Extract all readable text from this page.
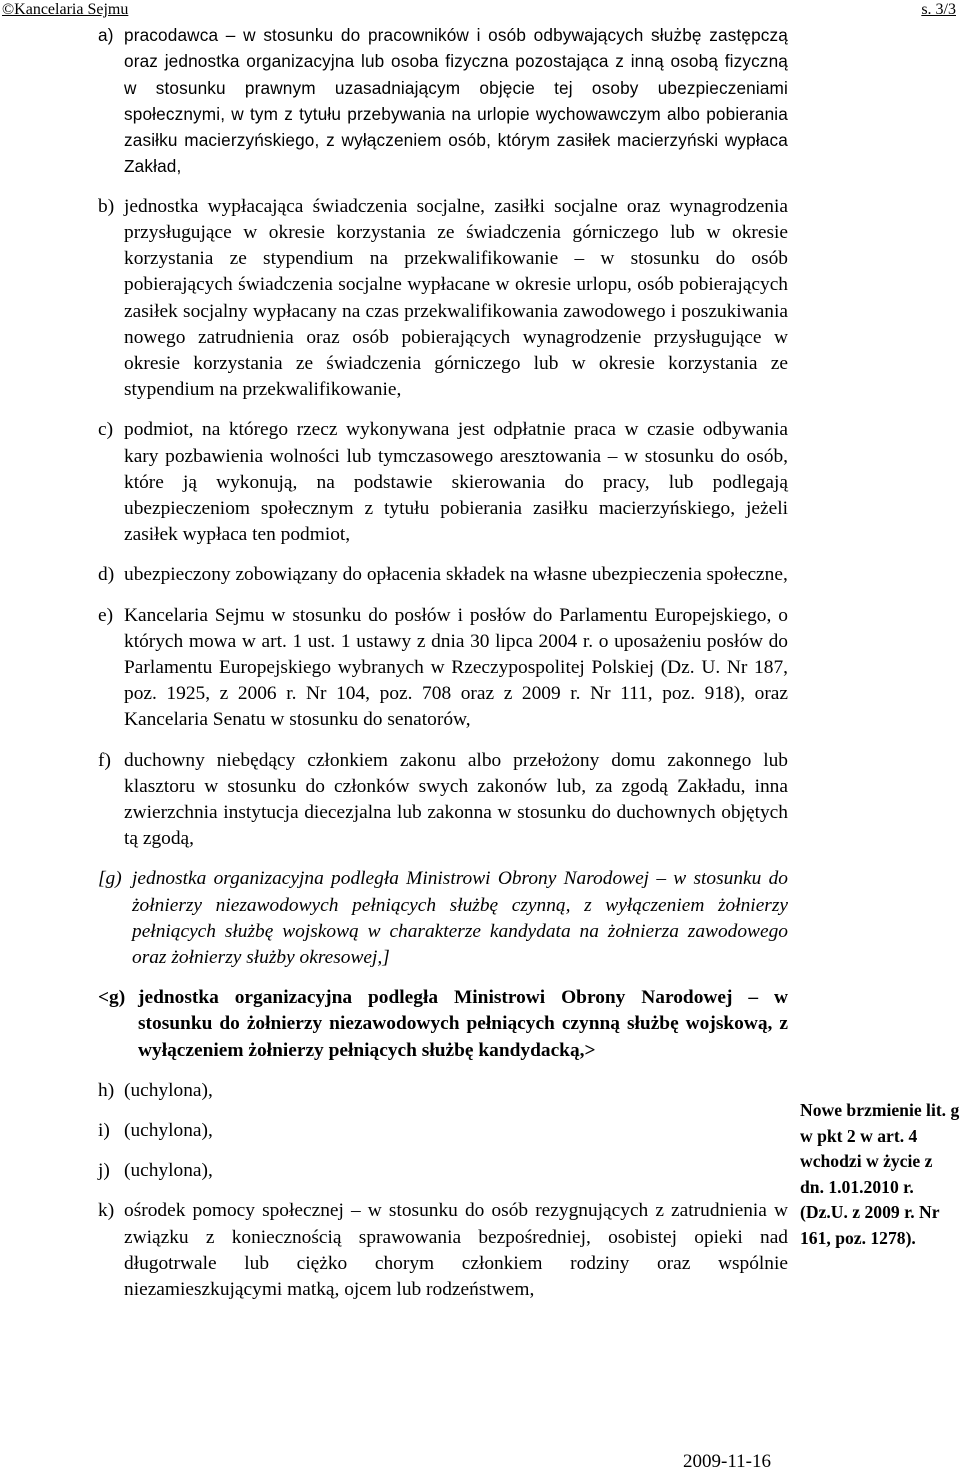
©Kancelaria Sejmu	s. 3/3
a) pracodawca – w stosunku do pracowników i osób odbywających służbę zastępczą oraz jednostka organizacyjna lub osoba fizyczna pozostająca z inną osobą fizyczną w stosunku prawnym uzasadniającym objęcie tej osoby ubezpieczeniami społecznymi, w tym z tytułu przebywania na urlopie wychowawczym albo pobierania zasiłku macierzyńskiego, z wyłączeniem osób, którym zasiłek macierzyński wypłaca Zakład,
b) jednostka wypłacająca świadczenia socjalne, zasiłki socjalne oraz wynagrodzenia przysługujące w okresie korzystania ze świadczenia górniczego lub w okresie korzystania ze stypendium na przekwalifikowanie – w stosunku do osób pobierających świadczenia socjalne wypłacane w okresie urlopu, osób pobierających zasiłek socjalny wypłacany na czas przekwalifikowania zawodowego i poszukiwania nowego zatrudnienia oraz osób pobierających wynagrodzenie przysługujące w okresie korzystania ze świadczenia górniczego lub w okresie korzystania ze stypendium na przekwalifikowanie,
c) podmiot, na którego rzecz wykonywana jest odpłatnie praca w czasie odbywania kary pozbawienia wolności lub tymczasowego aresztowania – w stosunku do osób, które ją wykonują, na podstawie skierowania do pracy, lub podlegają ubezpieczeniom społecznym z tytułu pobierania zasiłku macierzyńskiego, jeżeli zasiłek wypłaca ten podmiot,
d) ubezpieczony zobowiązany do opłacenia składek na własne ubezpieczenia społeczne,
e) Kancelaria Sejmu w stosunku do posłów i posłów do Parlamentu Europejskiego, o których mowa w art. 1 ust. 1 ustawy z dnia 30 lipca 2004 r. o uposażeniu posłów do Parlamentu Europejskiego wybranych w Rzeczypospolitej Polskiej (Dz. U. Nr 187, poz. 1925, z 2006 r. Nr 104, poz. 708 oraz z 2009 r. Nr 111, poz. 918), oraz Kancelaria Senatu w stosunku do senatorów,
f) duchowny niebędący członkiem zakonu albo przełożony domu zakonnego lub klasztoru w stosunku do członków swych zakonów lub, za zgodą Zakładu, inna zwierzchnia instytucja diecezjalna lub zakonna w stosunku do duchownych objętych tą zgodą,
[g) jednostka organizacyjna podległa Ministrowi Obrony Narodowej – w stosunku do żołnierzy niezawodowych pełniących służbę czynną, z wyłączeniem żołnierzy pełniących służbę wojskową w charakterze kandydata na żołnierza zawodowego oraz żołnierzy służby okresowej,]
<g) jednostka organizacyjna podległa Ministrowi Obrony Narodowej – w stosunku do żołnierzy niezawodowych pełniących czynną służbę wojskową, z wyłączeniem żołnierzy pełniących służbę kandydacką,>
h) (uchylona),
i) (uchylona),
j) (uchylona),
k) ośrodek pomocy społecznej – w stosunku do osób rezygnujących z zatrudnienia w związku z koniecznością sprawowania bezpośredniej, osobistej opieki nad długotrwale lub ciężko chorym członkiem rodziny oraz wspólnie niezamieszkującymi matką, ojcem lub rodzeństwem,
Nowe brzmienie lit. g w pkt 2 w art. 4 wchodzi w życie z dn. 1.01.2010 r. (Dz.U. z 2009 r. Nr 161, poz. 1278).
2009-11-16
